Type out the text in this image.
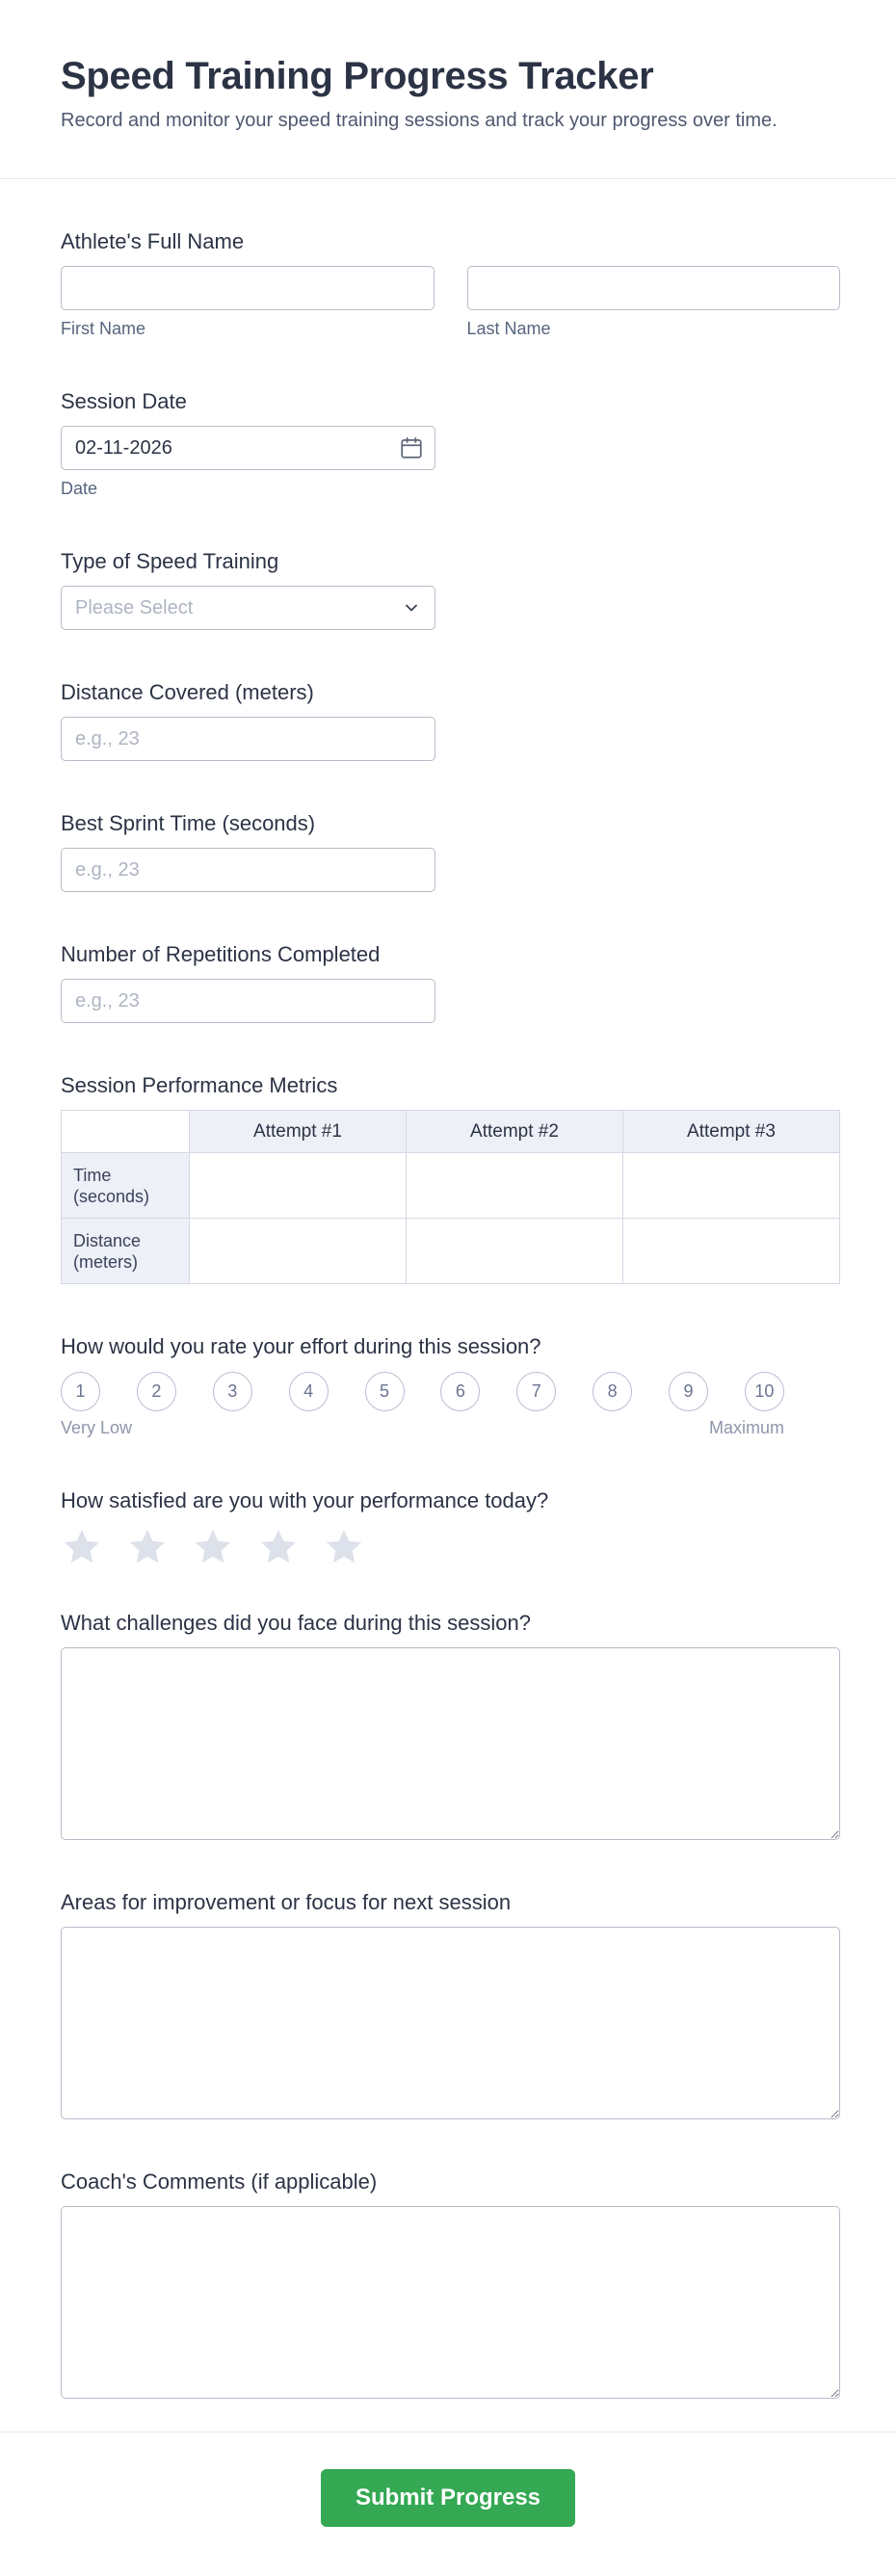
Speed Training Progress Tracker

Record and monitor your speed training sessions and track your progress over time.

Athlete's Full Name
First Name	Last Name
Session Date
02-11-2026
Date
Type of Speed Training
Please Select
Distance Covered (meters)
e.g., 23
Best Sprint Time (seconds)
e.g., 23
Number of Repetitions Completed
e.g., 23
Session Performance Metrics
	Attempt #1	Attempt #2	Attempt #3
Time (seconds)			
Distance (meters)			
How would you rate your effort during this session?
1	2	3	4	5	6	7	8	9	10
Very Low	Maximum
How satisfied are you with your performance today?
What challenges did you face during this session?
Areas for improvement or focus for next session
Coach's Comments (if applicable)
Submit Progress
